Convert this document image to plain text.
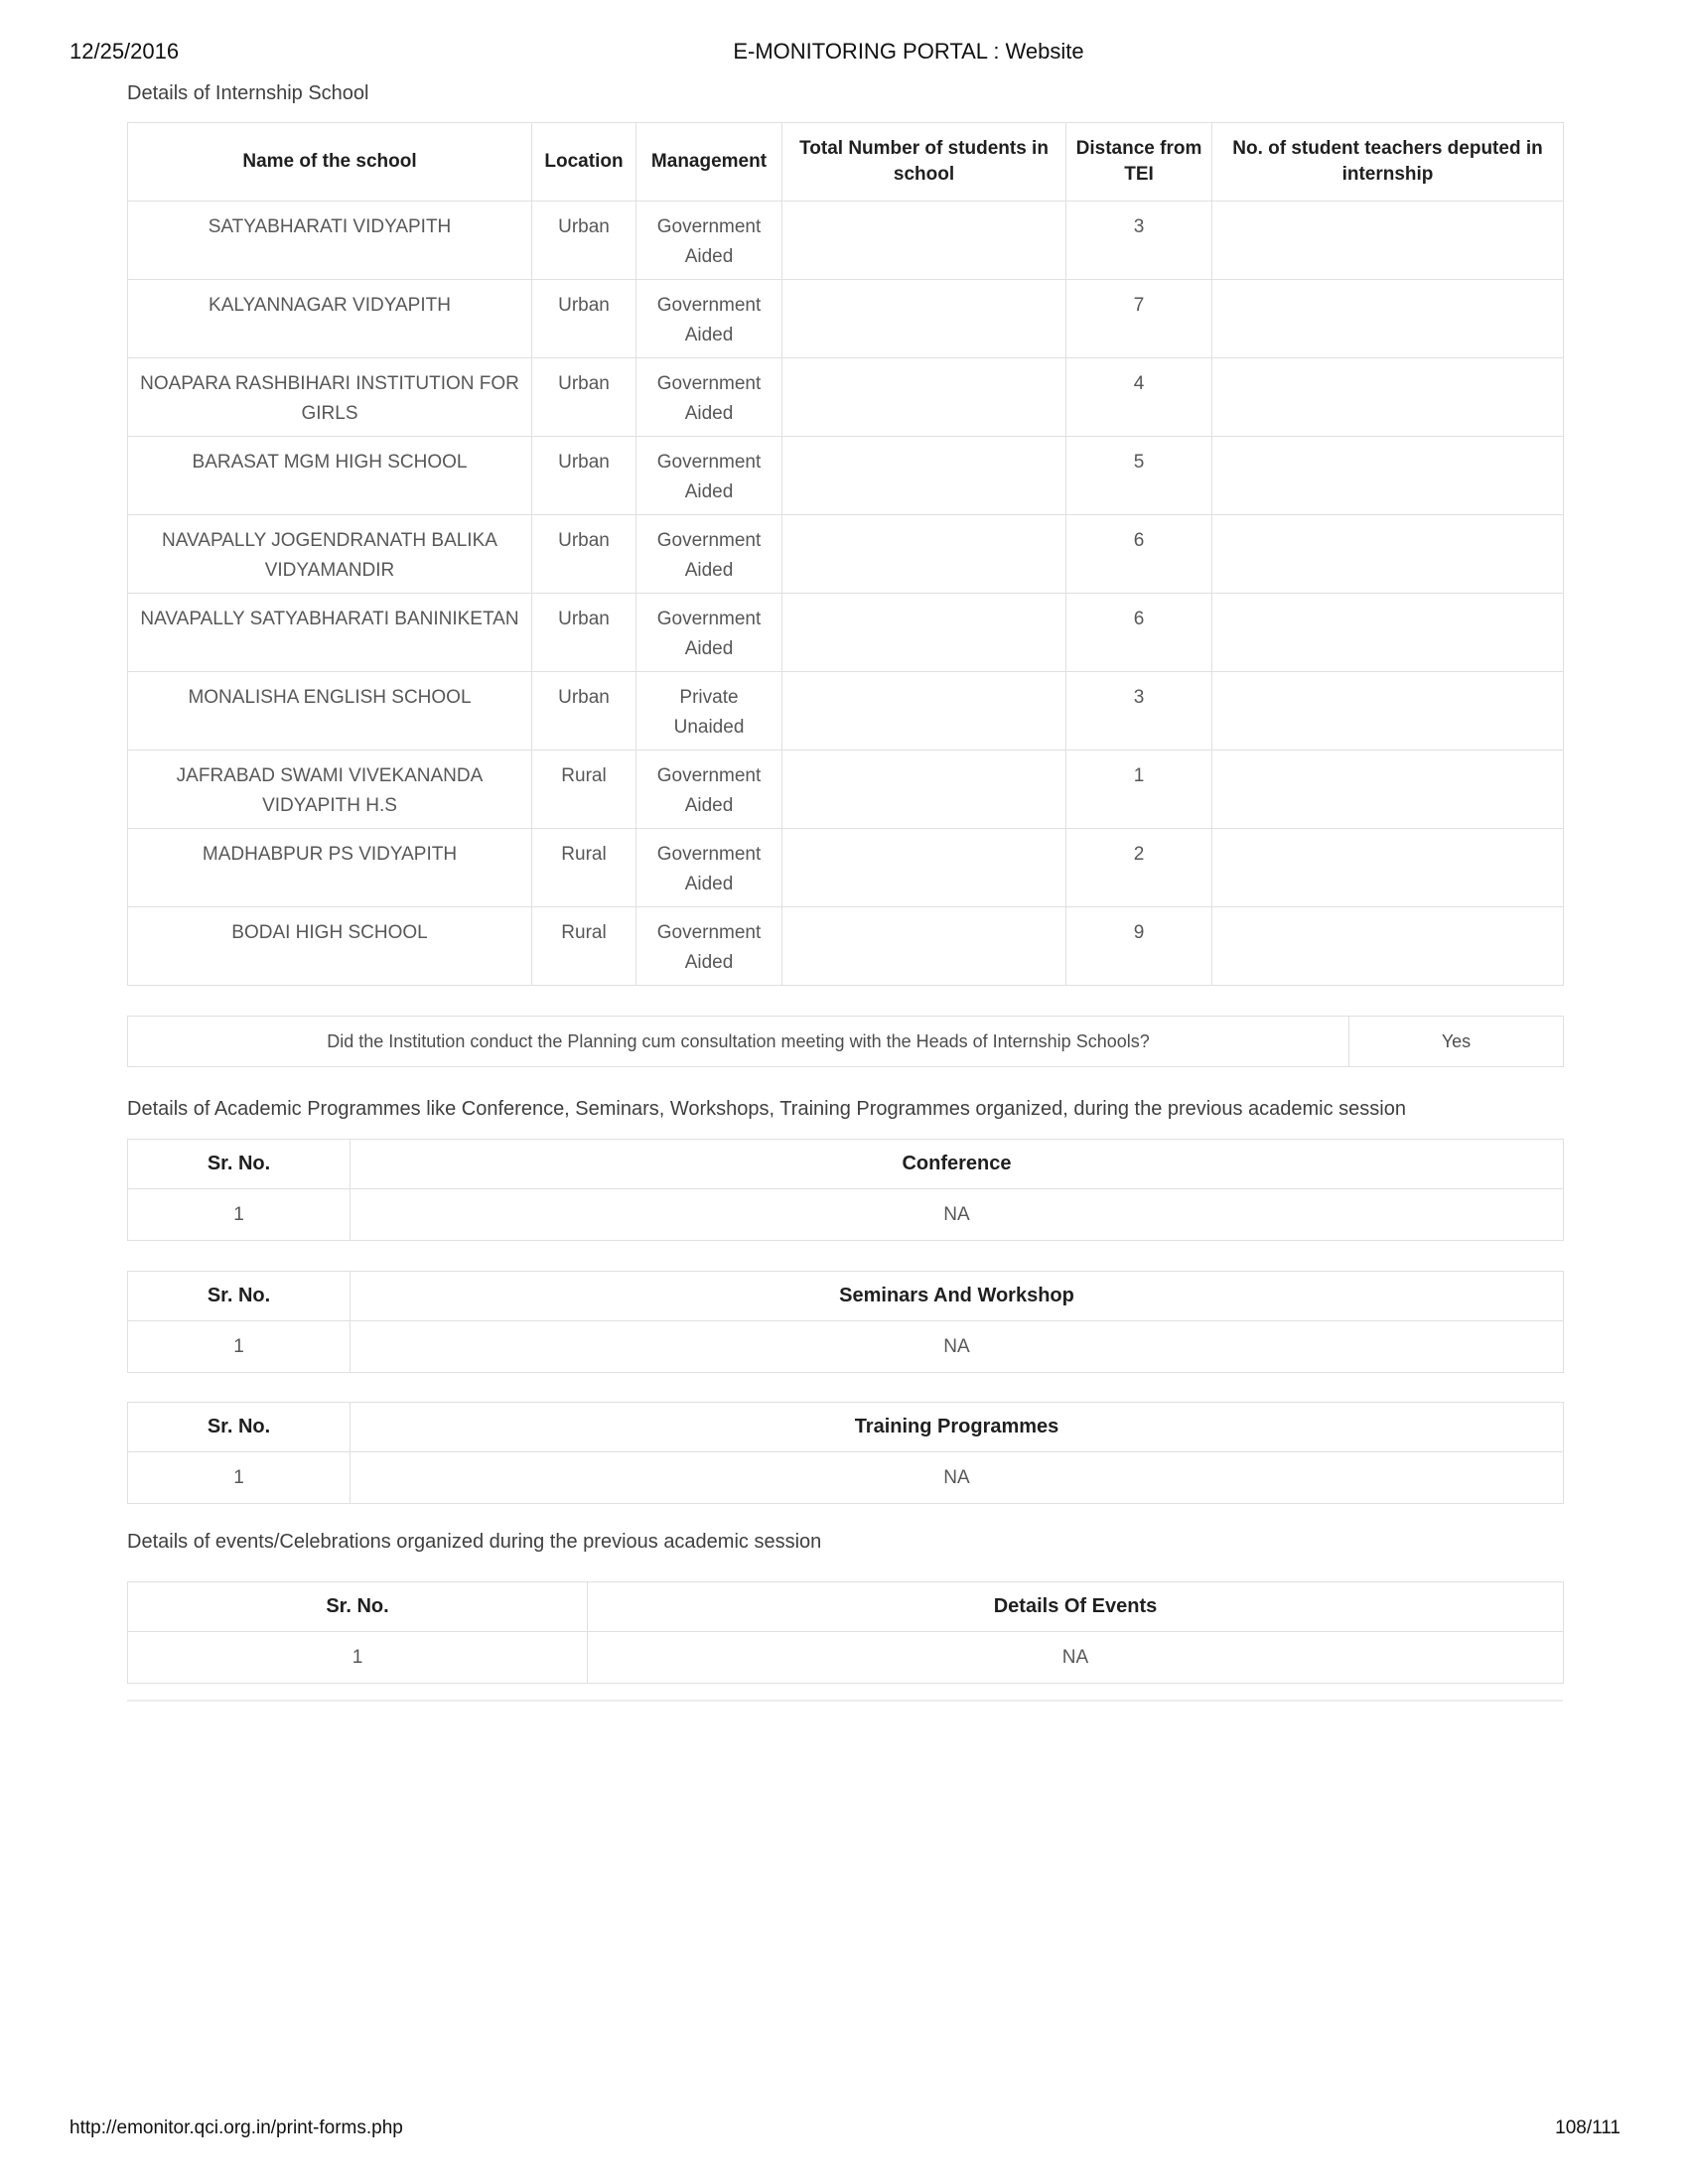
12/25/2016	E-MONITORING PORTAL : Website
Details of Internship School
Name of the school	Location	Management	Total Number of students in school	Distance from TEI	No. of student teachers deputed in internship
SATYABHARATI VIDYAPITH	Urban	Government Aided		3	
KALYANNAGAR VIDYAPITH	Urban	Government Aided		7	
NOAPARA RASHBIHARI INSTITUTION FOR GIRLS	Urban	Government Aided		4	
BARASAT MGM HIGH SCHOOL	Urban	Government Aided		5	
NAVAPALLY JOGENDRANATH BALIKA VIDYAMANDIR	Urban	Government Aided		6	
NAVAPALLY SATYABHARATI BANINIKETAN	Urban	Government Aided		6	
MONALISHA ENGLISH SCHOOL	Urban	Private Unaided		3	
JAFRABAD SWAMI VIVEKANANDA VIDYAPITH H.S	Rural	Government Aided		1	
MADHABPUR PS VIDYAPITH	Rural	Government Aided		2	
BODAI HIGH SCHOOL	Rural	Government Aided		9	
Did the Institution conduct the Planning cum consultation meeting with the Heads of Internship Schools?	Yes
Details of Academic Programmes like Conference, Seminars, Workshops, Training Programmes organized, during the previous academic session
Sr. No.	Conference
1	NA
Sr. No.	Seminars And Workshop
1	NA
Sr. No.	Training Programmes
1	NA
Details of events/Celebrations organized during the previous academic session
Sr. No.	Details Of Events
1	NA
http://emonitor.qci.org.in/print-forms.php	108/111
